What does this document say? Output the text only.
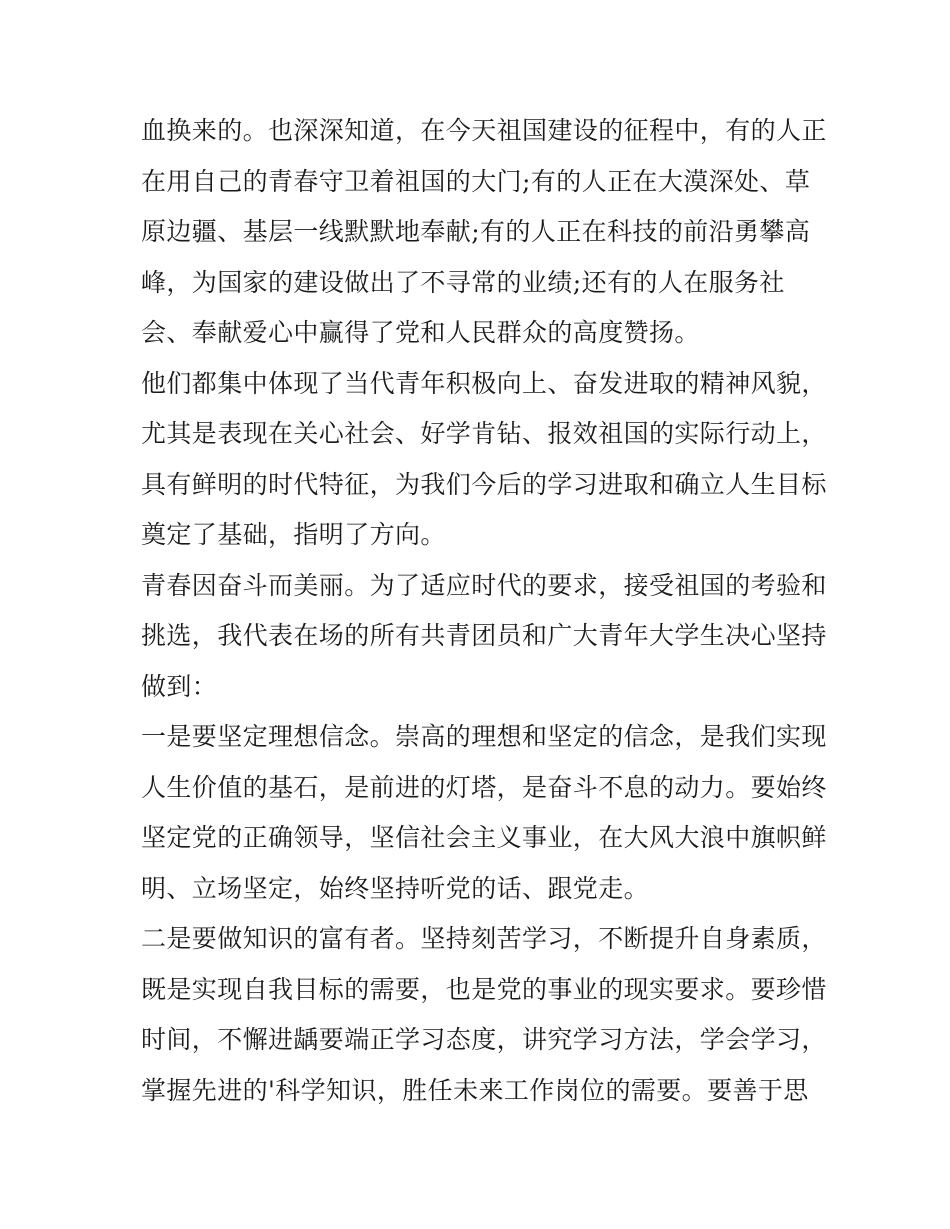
血换来的。也深深知道，在今天祖国建设的征程中，有的人正
在用自己的青春守卫着祖国的大门;有的人正在大漠深处、草
原边疆、基层一线默默地奉献;有的人正在科技的前沿勇攀高
峰，为国家的建设做出了不寻常的业绩;还有的人在服务社
会、奉献爱心中赢得了党和人民群众的高度赞扬。
他们都集中体现了当代青年积极向上、奋发进取的精神风貌，
尤其是表现在关心社会、好学肯钻、报效祖国的实际行动上，
具有鲜明的时代特征，为我们今后的学习进取和确立人生目标
奠定了基础，指明了方向。
青春因奋斗而美丽。为了适应时代的要求，接受祖国的考验和
挑选，我代表在场的所有共青团员和广大青年大学生决心坚持
做到：
一是要坚定理想信念。崇高的理想和坚定的信念，是我们实现
人生价值的基石，是前进的灯塔，是奋斗不息的动力。要始终
坚定党的正确领导，坚信社会主义事业，在大风大浪中旗帜鲜
明、立场坚定，始终坚持听党的话、跟党走。
二是要做知识的富有者。坚持刻苦学习，不断提升自身素质，
既是实现自我目标的需要，也是党的事业的现实要求。要珍惜
时间，不懈进龋要端正学习态度，讲究学习方法，学会学习，
掌握先进的'科学知识，胜任未来工作岗位的需要。要善于思
